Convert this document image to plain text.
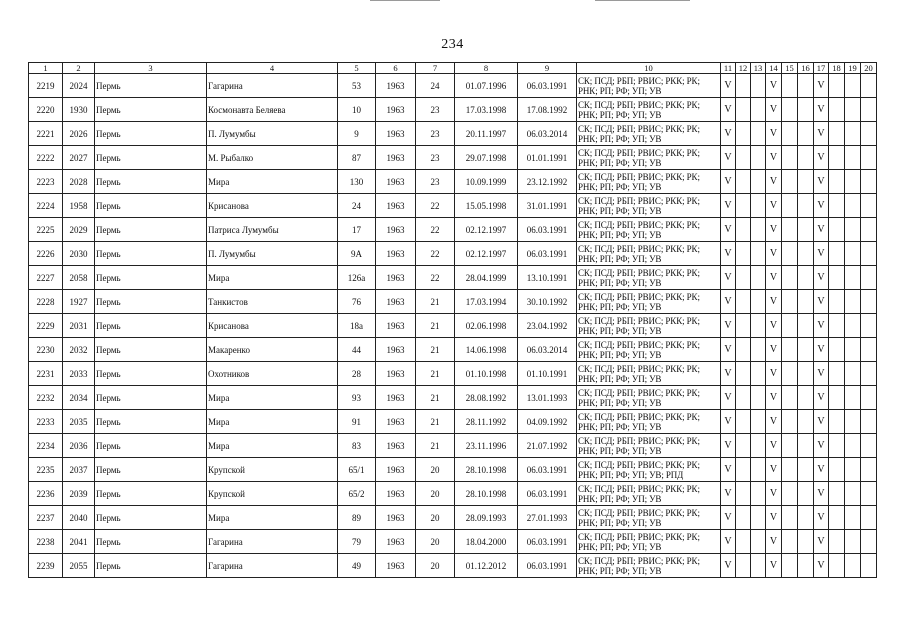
234
1	2	3	4	5	6	7	8	9	10	11	12	13	14	15	16	17	18	19	20
2219	2024	Пермь	Гагарина	53	1963	24	01.07.1996	06.03.1991	СК; ПСД; РБП; РВИС; РКК; РК; РНК; РП; РФ; УП; УВ	V			V			V			
2220	1930	Пермь	Космонавта Беляева	10	1963	23	17.03.1998	17.08.1992	СК; ПСД; РБП; РВИС; РКК; РК; РНК; РП; РФ; УП; УВ	V			V			V			
2221	2026	Пермь	П. Лумумбы	9	1963	23	20.11.1997	06.03.2014	СК; ПСД; РБП; РВИС; РКК; РК; РНК; РП; РФ; УП; УВ	V			V			V			
2222	2027	Пермь	М. Рыбалко	87	1963	23	29.07.1998	01.01.1991	СК; ПСД; РБП; РВИС; РКК; РК; РНК; РП; РФ; УП; УВ	V			V			V			
2223	2028	Пермь	Мира	130	1963	23	10.09.1999	23.12.1992	СК; ПСД; РБП; РВИС; РКК; РК; РНК; РП; РФ; УП; УВ	V			V			V			
2224	1958	Пермь	Крисанова	24	1963	22	15.05.1998	31.01.1991	СК; ПСД; РБП; РВИС; РКК; РК; РНК; РП; РФ; УП; УВ	V			V			V			
2225	2029	Пермь	Патриса Лумумбы	17	1963	22	02.12.1997	06.03.1991	СК; ПСД; РБП; РВИС; РКК; РК; РНК; РП; РФ; УП; УВ	V			V			V			
2226	2030	Пермь	П. Лумумбы	9А	1963	22	02.12.1997	06.03.1991	СК; ПСД; РБП; РВИС; РКК; РК; РНК; РП; РФ; УП; УВ	V			V			V			
2227	2058	Пермь	Мира	126а	1963	22	28.04.1999	13.10.1991	СК; ПСД; РБП; РВИС; РКК; РК; РНК; РП; РФ; УП; УВ	V			V			V			
2228	1927	Пермь	Танкистов	76	1963	21	17.03.1994	30.10.1992	СК; ПСД; РБП; РВИС; РКК; РК; РНК; РП; РФ; УП; УВ	V			V			V			
2229	2031	Пермь	Крисанова	18а	1963	21	02.06.1998	23.04.1992	СК; ПСД; РБП; РВИС; РКК; РК; РНК; РП; РФ; УП; УВ	V			V			V			
2230	2032	Пермь	Макаренко	44	1963	21	14.06.1998	06.03.2014	СК; ПСД; РБП; РВИС; РКК; РК; РНК; РП; РФ; УП; УВ	V			V			V			
2231	2033	Пермь	Охотников	28	1963	21	01.10.1998	01.10.1991	СК; ПСД; РБП; РВИС; РКК; РК; РНК; РП; РФ; УП; УВ	V			V			V			
2232	2034	Пермь	Мира	93	1963	21	28.08.1992	13.01.1993	СК; ПСД; РБП; РВИС; РКК; РК; РНК; РП; РФ; УП; УВ	V			V			V			
2233	2035	Пермь	Мира	91	1963	21	28.11.1992	04.09.1992	СК; ПСД; РБП; РВИС; РКК; РК; РНК; РП; РФ; УП; УВ	V			V			V			
2234	2036	Пермь	Мира	83	1963	21	23.11.1996	21.07.1992	СК; ПСД; РБП; РВИС; РКК; РК; РНК; РП; РФ; УП; УВ	V			V			V			
2235	2037	Пермь	Крупской	65/1	1963	20	28.10.1998	06.03.1991	СК; ПСД; РБП; РВИС; РКК; РК; РНК; РП; РФ; УП; УВ; РПД	V			V			V			
2236	2039	Пермь	Крупской	65/2	1963	20	28.10.1998	06.03.1991	СК; ПСД; РБП; РВИС; РКК; РК; РНК; РП; РФ; УП; УВ	V			V			V			
2237	2040	Пермь	Мира	89	1963	20	28.09.1993	27.01.1993	СК; ПСД; РБП; РВИС; РКК; РК; РНК; РП; РФ; УП; УВ	V			V			V			
2238	2041	Пермь	Гагарина	79	1963	20	18.04.2000	06.03.1991	СК; ПСД; РБП; РВИС; РКК; РК; РНК; РП; РФ; УП; УВ	V			V			V			
2239	2055	Пермь	Гагарина	49	1963	20	01.12.2012	06.03.1991	СК; ПСД; РБП; РВИС; РКК; РК; РНК; РП; РФ; УП; УВ	V			V			V			
